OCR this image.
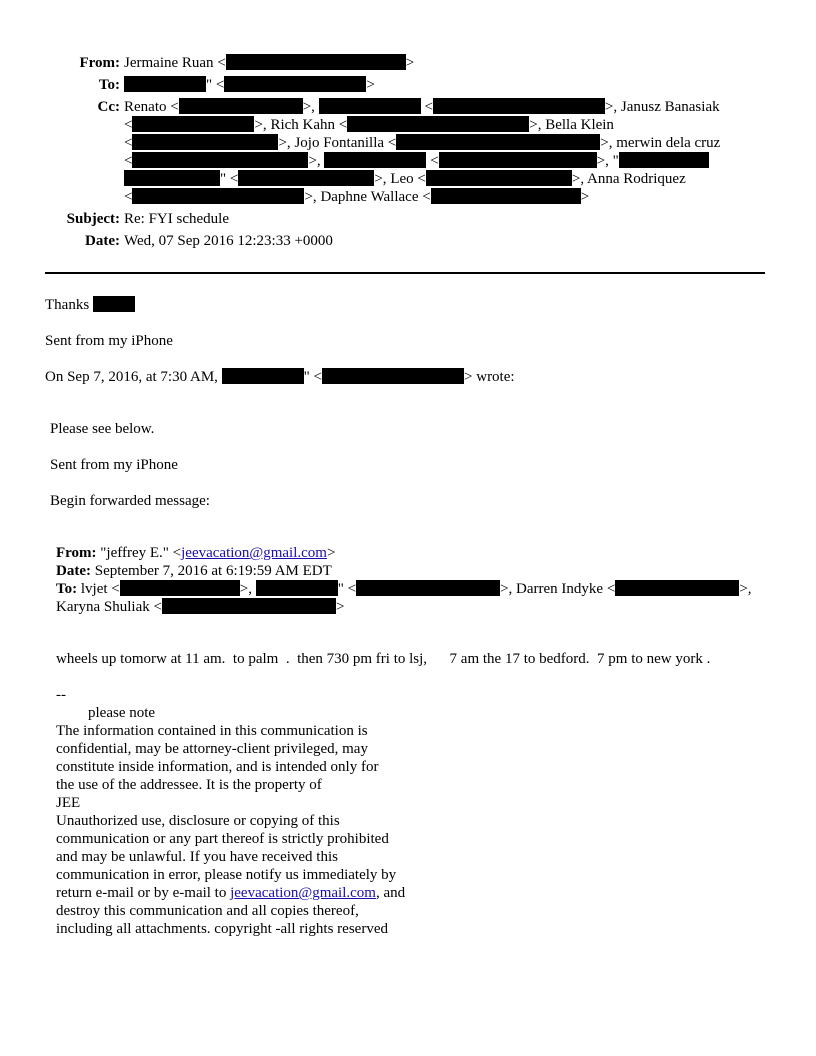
From: Jermaine Ruan <	>
To:	" <	>
Cc: Renato <	>,	<	>, Janusz Banasiak
<	>, Rich Kahn <	>, Bella Klein
<	>, Jojo Fontanilla <	>, merwin dela cruz
<	>,	<	>, "
" <	>, Leo <	>, Anna Rodriquez
<	>, Daphne Wallace <	>
Subject: Re: FYI schedule
Date: Wed, 07 Sep 2016 12:23:33 +0000
Thanks
Sent from my iPhone
On Sep 7, 2016, at 7:30 AM,	" <	> wrote:
Please see below.
Sent from my iPhone
Begin forwarded message:
From: "jeffrey E." <jeevacation@gmail.com>
Date: September 7, 2016 at 6:19:59 AM EDT
To: lvjet <	>,	" <	>, Darren Indyke <	>,
Karyna Shuliak <	>
wheels up tomorw at 11 am.  to palm  .  then 730 pm fri to lsj,      7 am the 17 to bedford.  7 pm to new york .
--
please note
The information contained in this communication is
confidential, may be attorney-client privileged, may
constitute inside information, and is intended only for
the use of the addressee. It is the property of
JEE
Unauthorized use, disclosure or copying of this
communication or any part thereof is strictly prohibited
and may be unlawful. If you have received this
communication in error, please notify us immediately by
return e-mail or by e-mail to jeevacation@gmail.com, and
destroy this communication and all copies thereof,
including all attachments. copyright -all rights reserved
